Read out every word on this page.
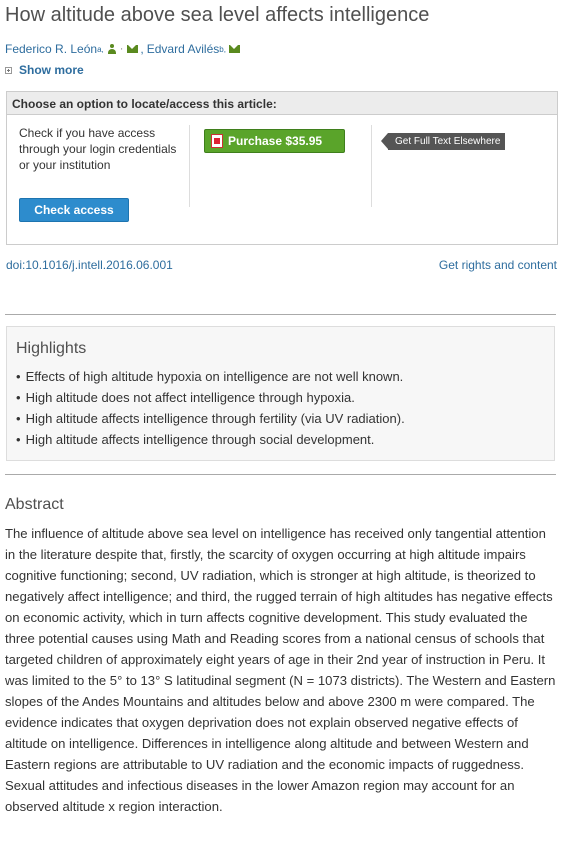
How altitude above sea level affects intelligence
Federico R. León a, · , Edvard Avilés b,
Show more
Choose an option to locate/access this article:
Check if you have access through your login credentials or your institution
Check access
Purchase $35.95	Get Full Text Elsewhere
doi:10.1016/j.intell.2016.06.001	Get rights and content
Highlights
• Effects of high altitude hypoxia on intelligence are not well known.
• High altitude does not affect intelligence through hypoxia.
• High altitude affects intelligence through fertility (via UV radiation).
• High altitude affects intelligence through social development.
Abstract

The influence of altitude above sea level on intelligence has received only tangential attention in the literature despite that, firstly, the scarcity of oxygen occurring at high altitude impairs cognitive functioning; second, UV radiation, which is stronger at high altitude, is theorized to negatively affect intelligence; and third, the rugged terrain of high altitudes has negative effects on economic activity, which in turn affects cognitive development. This study evaluated the three potential causes using Math and Reading scores from a national census of schools that targeted children of approximately eight years of age in their 2nd year of instruction in Peru. It was limited to the 5° to 13° S latitudinal segment (N = 1073 districts). The Western and Eastern slopes of the Andes Mountains and altitudes below and above 2300 m were compared. The evidence indicates that oxygen deprivation does not explain observed negative effects of altitude on intelligence. Differences in intelligence along altitude and between Western and Eastern regions are attributable to UV radiation and the economic impacts of ruggedness. Sexual attitudes and infectious diseases in the lower Amazon region may account for an observed altitude x region interaction.
